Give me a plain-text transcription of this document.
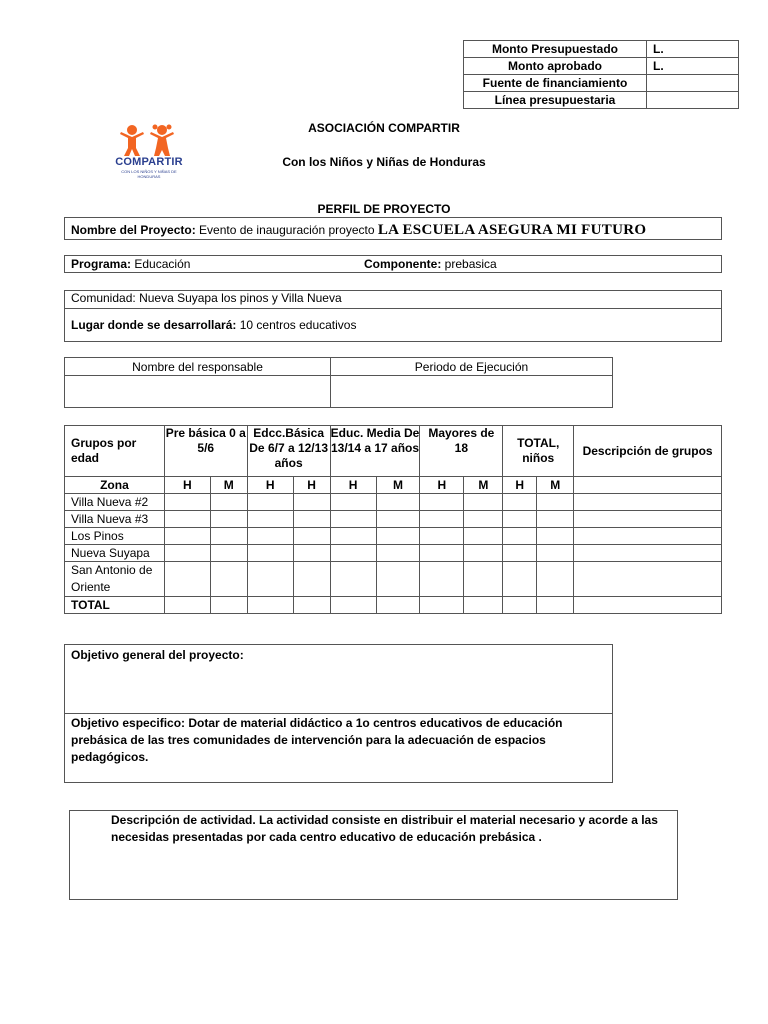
Monto Presupuestado	L.
Monto aprobado	L.
Fuente de financiamiento	
Línea presupuestaria	
COMPARTIR
CON LOS NIÑOS Y NIÑAS DE HONDURAS
ASOCIACIÓN COMPARTIR
Con los Niños y Niñas de Honduras
PERFIL DE PROYECTO
Nombre del Proyecto: Evento de inauguración proyecto LA ESCUELA ASEGURA MI FUTURO
Programa: Educación	Componente: prebasica
Comunidad: Nueva Suyapa los pinos y Villa Nueva
Lugar donde se desarrollará: 10 centros educativos
Nombre del responsable	Periodo de Ejecución

Grupos por edad	Pre básica 0 a 5/6		Edcc.Básica De 6/7 a 12/13 años		Educ. Media De 13/14 a 17 años		Mayores de 18		TOTAL, niños		Descripción de grupos
Zona	H	M	H	H	H	M	H	M	H	M	
Villa Nueva #2											
Villa Nueva #3											
Los Pinos											
Nueva Suyapa											
San Antonio de Oriente											
TOTAL											
Objetivo general del proyecto:
Objetivo especifico: Dotar de material didáctico a 1o centros educativos de educación prebásica de las tres comunidades de intervención para la adecuación de espacios pedagógicos.
Descripción de actividad. La actividad consiste en distribuir el material necesario y acorde a las necesidas presentadas por cada centro educativo de educación prebásica .
